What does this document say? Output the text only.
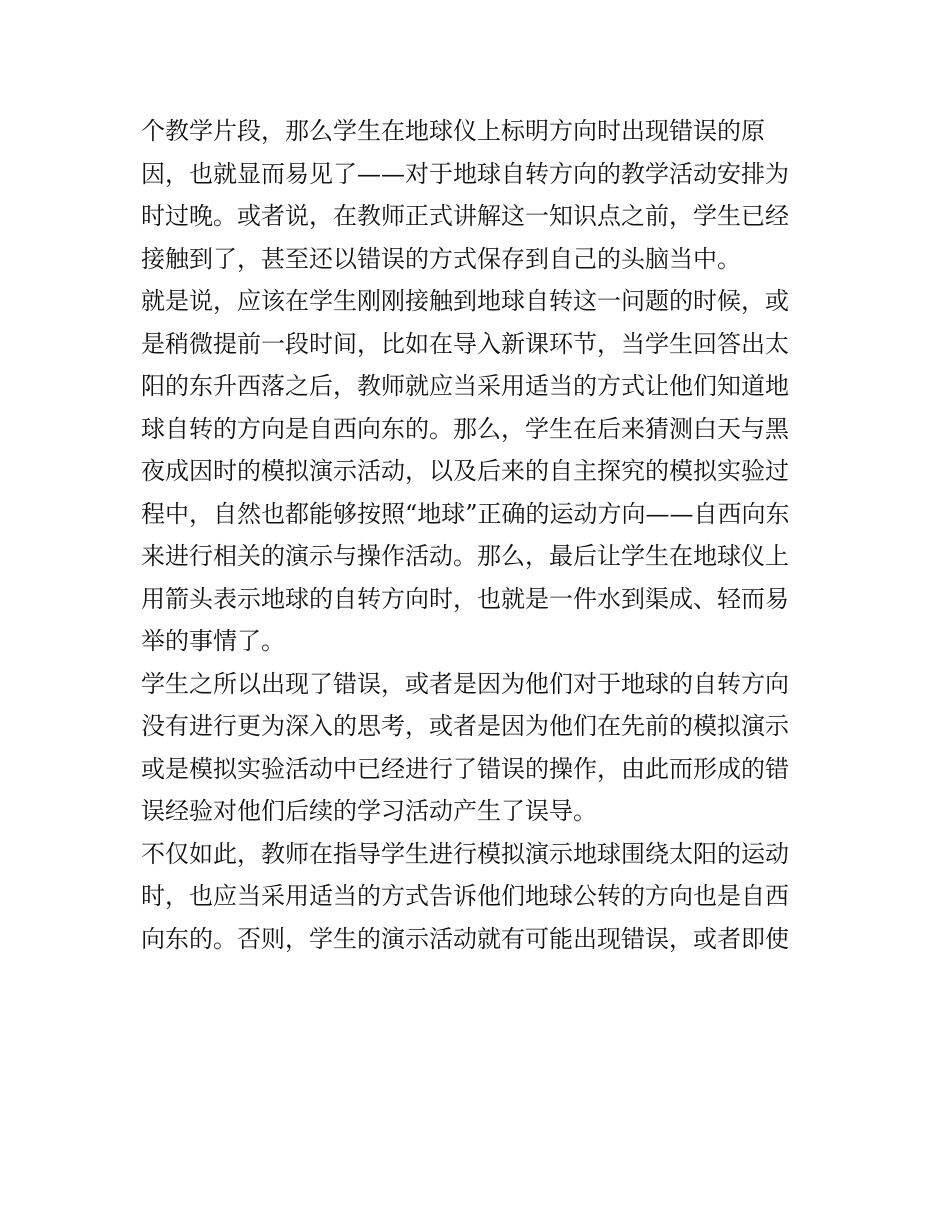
个教学片段，那么学生在地球仪上标明方向时出现错误的原
因，也就显而易见了——对于地球自转方向的教学活动安排为
时过晚。或者说，在教师正式讲解这一知识点之前，学生已经
接触到了，甚至还以错误的方式保存到自己的头脑当中。
就是说，应该在学生刚刚接触到地球自转这一问题的时候，或
是稍微提前一段时间，比如在导入新课环节，当学生回答出太
阳的东升西落之后，教师就应当采用适当的方式让他们知道地
球自转的方向是自西向东的。那么，学生在后来猜测白天与黑
夜成因时的模拟演示活动，以及后来的自主探究的模拟实验过
程中，自然也都能够按照“地球”正确的运动方向——自西向东
来进行相关的演示与操作活动。那么，最后让学生在地球仪上
用箭头表示地球的自转方向时，也就是一件水到渠成、轻而易
举的事情了。
学生之所以出现了错误，或者是因为他们对于地球的自转方向
没有进行更为深入的思考，或者是因为他们在先前的模拟演示
或是模拟实验活动中已经进行了错误的操作，由此而形成的错
误经验对他们后续的学习活动产生了误导。
不仅如此，教师在指导学生进行模拟演示地球围绕太阳的运动
时，也应当采用适当的方式告诉他们地球公转的方向也是自西
向东的。否则，学生的演示活动就有可能出现错误，或者即使
